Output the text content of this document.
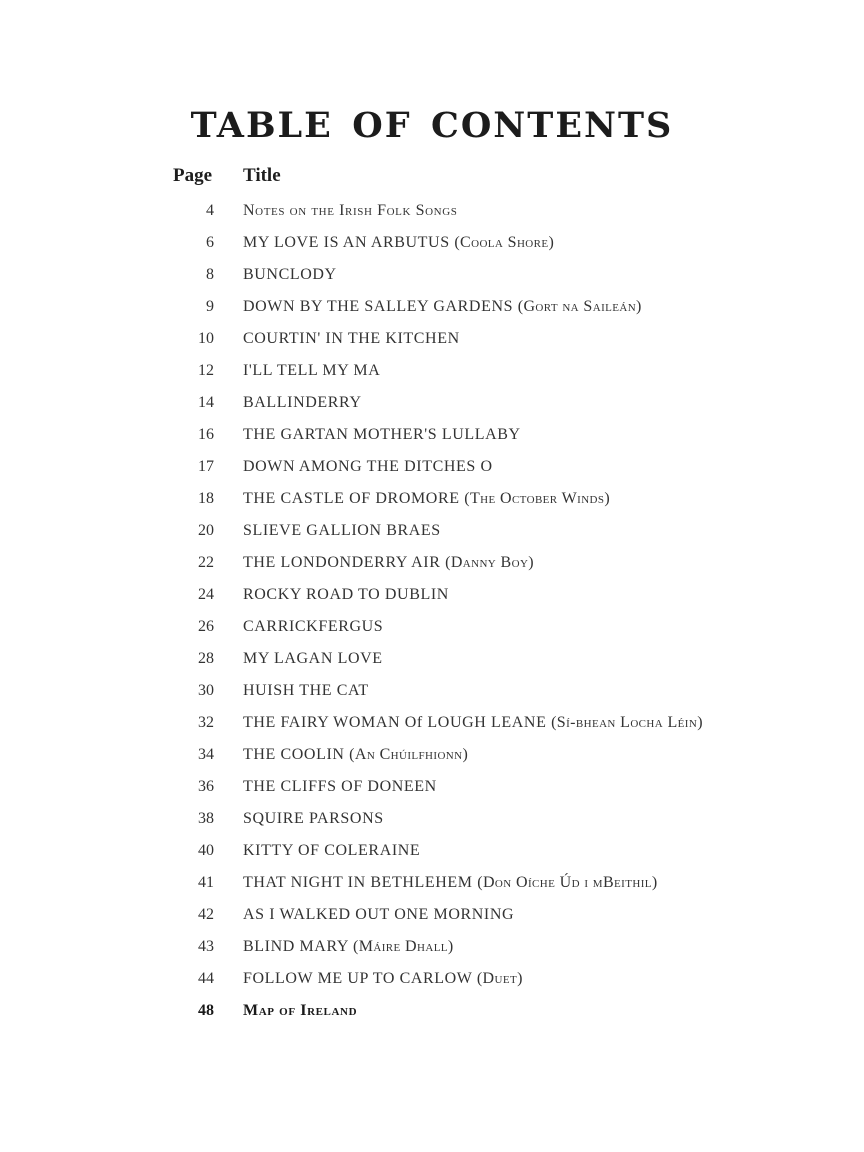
table of contents
Page Title
4 Notes on the Irish Folk Songs
6 MY LOVE IS AN ARBUTUS (Coola Shore)
8 BUNCLODY
9 DOWN BY THE SALLEY GARDENS (Gort na Saileán)
10 COURTIN' IN THE KITCHEN
12 I'LL TELL MY MA
14 BALLINDERRY
16 THE GARTAN MOTHER'S LULLABY
17 DOWN AMONG THE DITCHES O
18 THE CASTLE OF DROMORE (The October Winds)
20 SLIEVE GALLION BRAES
22 THE LONDONDERRY AIR (Danny Boy)
24 ROCKY ROAD TO DUBLIN
26 CARRICKFERGUS
28 MY LAGAN LOVE
30 HUISH THE CAT
32 THE FAIRY WOMAN Of LOUGH LEANE (Sí-bhean Locha Léin)
34 THE COOLIN (An Chúilfhionn)
36 THE CLIFFS OF DONEEN
38 SQUIRE PARSONS
40 KITTY OF COLERAINE
41 THAT NIGHT IN BETHLEHEM (Don Oíche Úd i mBeithil)
42 AS I WALKED OUT ONE MORNING
43 BLIND MARY (Máire Dhall)
44 FOLLOW ME UP TO CARLOW (Duet)
48 Map of Ireland
